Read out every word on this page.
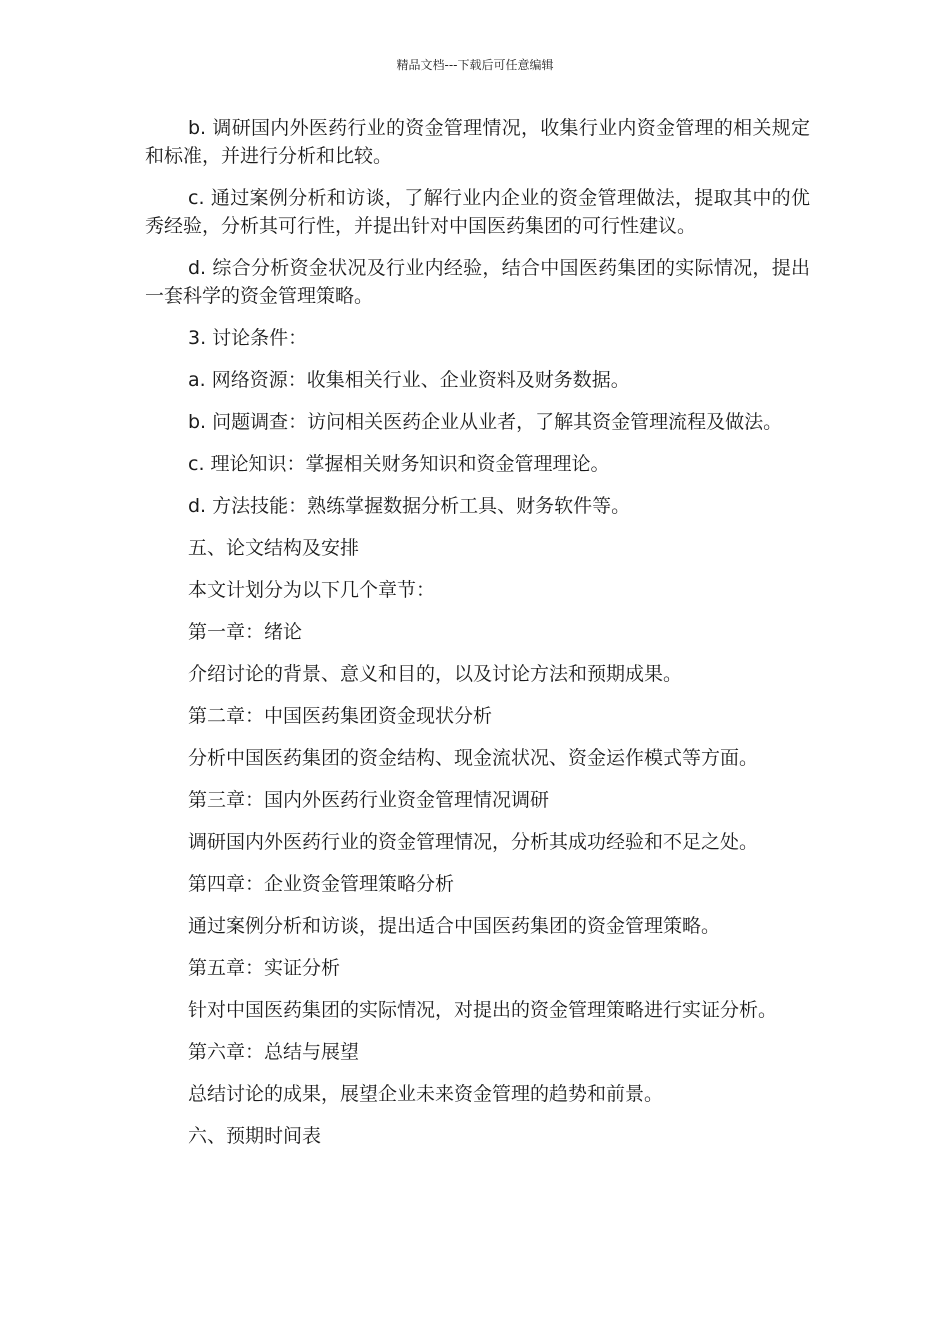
精品文档---下载后可任意编辑

b. 调研国内外医药行业的资金管理情况，收集行业内资金管理的相关规定和标准，并进行分析和比较。

c. 通过案例分析和访谈，了解行业内企业的资金管理做法，提取其中的优秀经验，分析其可行性，并提出针对中国医药集团的可行性建议。

d. 综合分析资金状况及行业内经验，结合中国医药集团的实际情况，提出一套科学的资金管理策略。

3. 讨论条件：

a. 网络资源：收集相关行业、企业资料及财务数据。

b. 问题调查：访问相关医药企业从业者，了解其资金管理流程及做法。

c. 理论知识：掌握相关财务知识和资金管理理论。

d. 方法技能：熟练掌握数据分析工具、财务软件等。

五、论文结构及安排

本文计划分为以下几个章节：

第一章：绪论

介绍讨论的背景、意义和目的，以及讨论方法和预期成果。

第二章：中国医药集团资金现状分析

分析中国医药集团的资金结构、现金流状况、资金运作模式等方面。

第三章：国内外医药行业资金管理情况调研

调研国内外医药行业的资金管理情况，分析其成功经验和不足之处。

第四章：企业资金管理策略分析

通过案例分析和访谈，提出适合中国医药集团的资金管理策略。

第五章：实证分析

针对中国医药集团的实际情况，对提出的资金管理策略进行实证分析。

第六章：总结与展望

总结讨论的成果，展望企业未来资金管理的趋势和前景。

六、预期时间表
